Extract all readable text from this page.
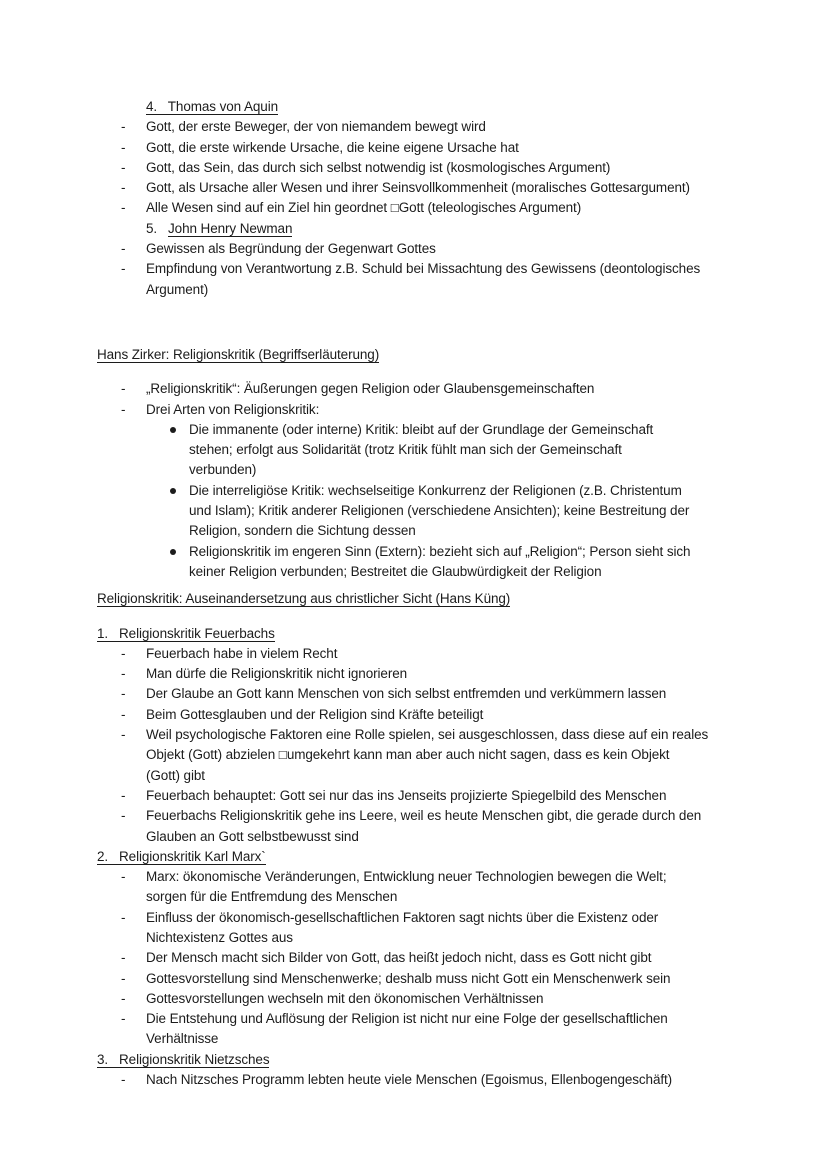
4. Thomas von Aquin
- Gott, der erste Beweger, der von niemandem bewegt wird
- Gott, die erste wirkende Ursache, die keine eigene Ursache hat
- Gott, das Sein, das durch sich selbst notwendig ist (kosmologisches Argument)
- Gott, als Ursache aller Wesen und ihrer Seinsvollkommenheit (moralisches Gottesargument)
- Alle Wesen sind auf ein Ziel hin geordnet □Gott (teleologisches Argument)
5. John Henry Newman
- Gewissen als Begründung der Gegenwart Gottes
- Empfindung von Verantwortung z.B. Schuld bei Missachtung des Gewissens (deontologisches
Argument)
Hans Zirker: Religionskritik (Begriffserläuterung)
- „Religionskritik“: Äußerungen gegen Religion oder Glaubensgemeinschaften
- Drei Arten von Religionskritik:
Die immanente (oder interne) Kritik: bleibt auf der Grundlage der Gemeinschaft
stehen; erfolgt aus Solidarität (trotz Kritik fühlt man sich der Gemeinschaft
verbunden)
Die interreligiöse Kritik: wechselseitige Konkurrenz der Religionen (z.B. Christentum
und Islam); Kritik anderer Religionen (verschiedene Ansichten); keine Bestreitung der
Religion, sondern die Sichtung dessen
Religionskritik im engeren Sinn (Extern): bezieht sich auf „Religion“; Person sieht sich
keiner Religion verbunden; Bestreitet die Glaubwürdigkeit der Religion
Religionskritik: Auseinandersetzung aus christlicher Sicht (Hans Küng)
1. Religionskritik Feuerbachs
- Feuerbach habe in vielem Recht
- Man dürfe die Religionskritik nicht ignorieren
- Der Glaube an Gott kann Menschen von sich selbst entfremden und verkümmern lassen
- Beim Gottesglauben und der Religion sind Kräfte beteiligt
- Weil psychologische Faktoren eine Rolle spielen, sei ausgeschlossen, dass diese auf ein reales
Objekt (Gott) abzielen □umgekehrt kann man aber auch nicht sagen, dass es kein Objekt
(Gott) gibt
- Feuerbach behauptet: Gott sei nur das ins Jenseits projizierte Spiegelbild des Menschen
- Feuerbachs Religionskritik gehe ins Leere, weil es heute Menschen gibt, die gerade durch den
Glauben an Gott selbstbewusst sind
2. Religionskritik Karl Marx`
- Marx: ökonomische Veränderungen, Entwicklung neuer Technologien bewegen die Welt;
sorgen für die Entfremdung des Menschen
- Einfluss der ökonomisch-gesellschaftlichen Faktoren sagt nichts über die Existenz oder
Nichtexistenz Gottes aus
- Der Mensch macht sich Bilder von Gott, das heißt jedoch nicht, dass es Gott nicht gibt
- Gottesvorstellung sind Menschenwerke; deshalb muss nicht Gott ein Menschenwerk sein
- Gottesvorstellungen wechseln mit den ökonomischen Verhältnissen
- Die Entstehung und Auflösung der Religion ist nicht nur eine Folge der gesellschaftlichen
Verhältnisse
3. Religionskritik Nietzsches
- Nach Nitzsches Programm lebten heute viele Menschen (Egoismus, Ellenbogengeschäft)
